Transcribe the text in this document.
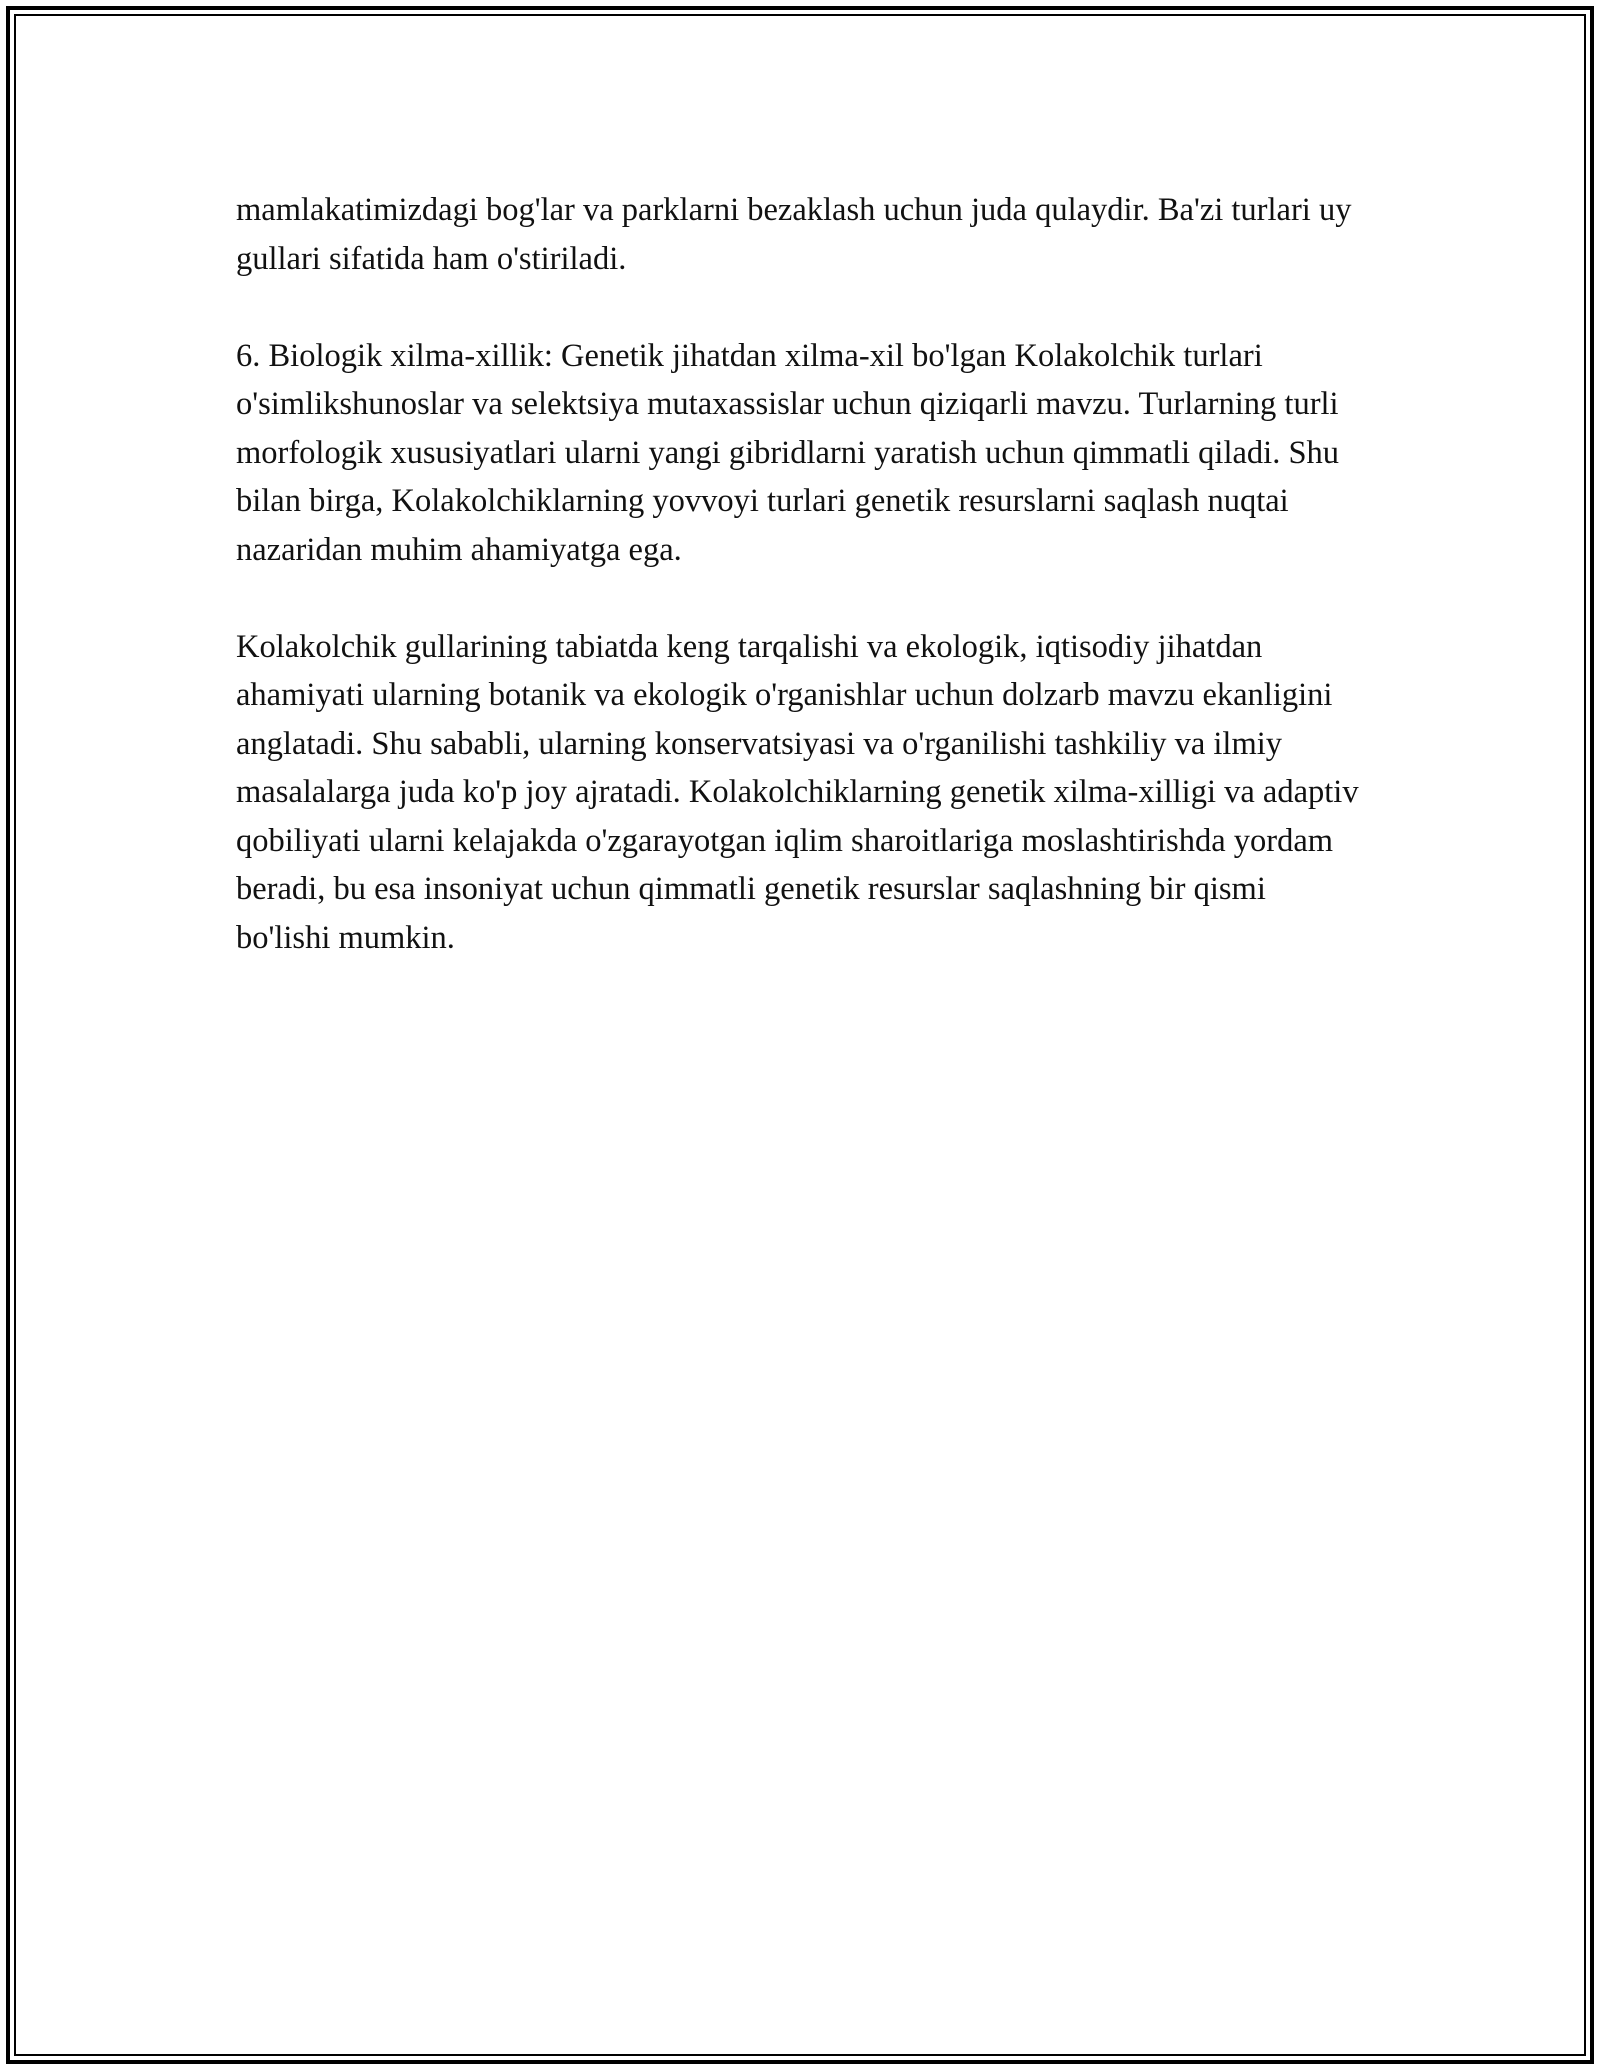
mamlakatimizdagi bog'lar va parklarni bezaklash uchun juda qulaydir. Ba'zi turlari uy gullari sifatida ham o'stiriladi.

6. Biologik xilma-xillik: Genetik jihatdan xilma-xil bo'lgan Kolakolchik turlari o'simlikshunoslar va selektsiya mutaxassislar uchun qiziqarli mavzu. Turlarning turli morfologik xususiyatlari ularni yangi gibridlarni yaratish uchun qimmatli qiladi. Shu bilan birga, Kolakolchiklarning yovvoyi turlari genetik resurslarni saqlash nuqtai nazaridan muhim ahamiyatga ega.

Kolakolchik gullarining tabiatda keng tarqalishi va ekologik, iqtisodiy jihatdan ahamiyati ularning botanik va ekologik o'rganishlar uchun dolzarb mavzu ekanligini anglatadi. Shu sababli, ularning konservatsiyasi va o'rganilishi tashkiliy va ilmiy masalalarga juda ko'p joy ajratadi. Kolakolchiklarning genetik xilma-xilligi va adaptiv qobiliyati ularni kelajakda o'zgarayotgan iqlim sharoitlariga moslashtirishda yordam beradi, bu esa insoniyat uchun qimmatli genetik resurslar saqlashning bir qismi bo'lishi mumkin.
